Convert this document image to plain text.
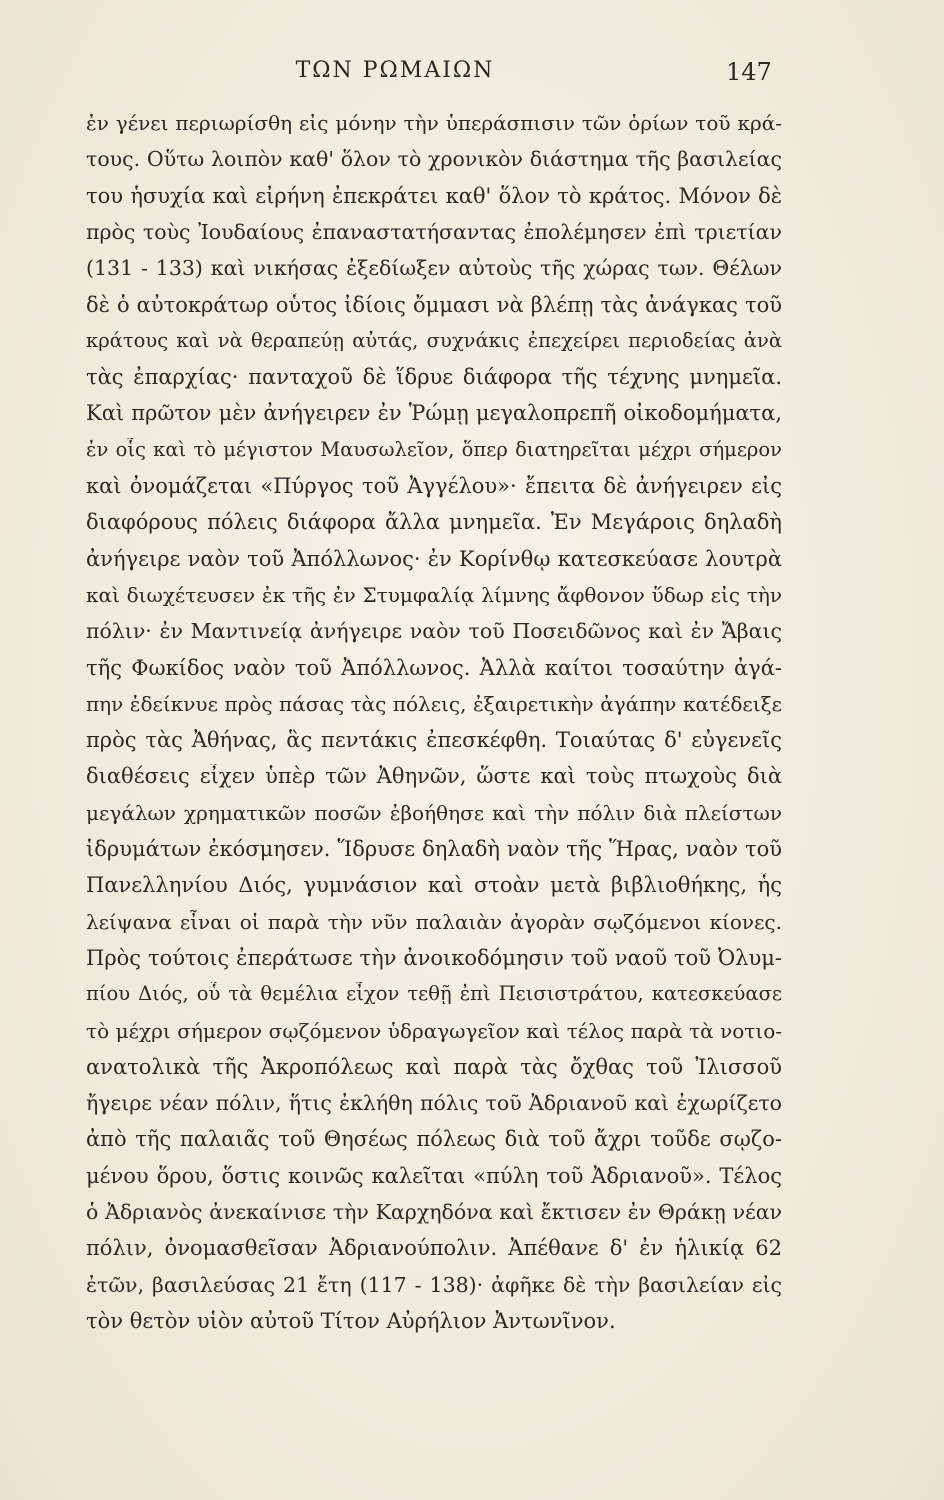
ΤΩΝ ΡΩΜΑΙΩΝ	147
ἐν γένει περιωρίσθη εἰς μόνην τὴν ὑπεράσπισιν τῶν ὁρίων τοῦ κρά-
τους. Οὕτω λοιπὸν καθ' ὅλον τὸ χρονικὸν διάστημα τῆς βασιλείας
του ἡσυχία καὶ εἰρήνη ἐπεκράτει καθ' ὅλον τὸ κράτος. Μόνον δὲ
πρὸς τοὺς Ἰουδαίους ἐπαναστατήσαντας ἐπολέμησεν ἐπὶ τριετίαν
(131 - 133) καὶ νικήσας ἐξεδίωξεν αὐτοὺς τῆς χώρας των. Θέλων
δὲ ὁ αὐτοκράτωρ οὗτος ἰδίοις ὄμμασι νὰ βλέπῃ τὰς ἀνάγκας τοῦ
κράτους καὶ νὰ θεραπεύῃ αὐτάς, συχνάκις ἐπεχείρει περιοδείας ἀνὰ
τὰς ἐπαρχίας· πανταχοῦ δὲ ἵδρυε διάφορα τῆς τέχνης μνημεῖα.
Καὶ πρῶτον μὲν ἀνήγειρεν ἐν Ῥώμῃ μεγαλοπρεπῆ οἰκοδομήματα,
ἐν οἷς καὶ τὸ μέγιστον Μαυσωλεῖον, ὅπερ διατηρεῖται μέχρι σήμερον
καὶ ὀνομάζεται «Πύργος τοῦ Ἀγγέλου»· ἔπειτα δὲ ἀνήγειρεν εἰς
διαφόρους πόλεις διάφορα ἄλλα μνημεῖα. Ἐν Μεγάροις δηλαδὴ
ἀνήγειρε ναὸν τοῦ Ἀπόλλωνος· ἐν Κορίνθῳ κατεσκεύασε λουτρὰ
καὶ διωχέτευσεν ἐκ τῆς ἐν Στυμφαλίᾳ λίμνης ἄφθονον ὕδωρ εἰς τὴν
πόλιν· ἐν Μαντινείᾳ ἀνήγειρε ναὸν τοῦ Ποσειδῶνος καὶ ἐν Ἄβαις
τῆς Φωκίδος ναὸν τοῦ Ἀπόλλωνος. Ἀλλὰ καίτοι τοσαύτην ἀγά-
πην ἐδείκνυε πρὸς πάσας τὰς πόλεις, ἐξαιρετικὴν ἀγάπην κατέδειξε
πρὸς τὰς Ἀθήνας, ἃς πεντάκις ἐπεσκέφθη. Τοιαύτας δ' εὐγενεῖς
διαθέσεις εἶχεν ὑπὲρ τῶν Ἀθηνῶν, ὥστε καὶ τοὺς πτωχοὺς διὰ
μεγάλων χρηματικῶν ποσῶν ἐβοήθησε καὶ τὴν πόλιν διὰ πλείστων
ἱδρυμάτων ἐκόσμησεν. Ἵδρυσε δηλαδὴ ναὸν τῆς Ἥρας, ναὸν τοῦ
Πανελληνίου Διός, γυμνάσιον καὶ στοὰν μετὰ βιβλιοθήκης, ἧς
λείψανα εἶναι οἱ παρὰ τὴν νῦν παλαιὰν ἀγορὰν σῳζόμενοι κίονες.
Πρὸς τούτοις ἐπεράτωσε τὴν ἀνοικοδόμησιν τοῦ ναοῦ τοῦ Ὀλυμ-
πίου Διός, οὗ τὰ θεμέλια εἶχον τεθῇ ἐπὶ Πεισιστράτου, κατεσκεύασε
τὸ μέχρι σήμερον σῳζόμενον ὑδραγωγεῖον καὶ τέλος παρὰ τὰ νοτιο-
ανατολικὰ τῆς Ἀκροπόλεως καὶ παρὰ τὰς ὄχθας τοῦ Ἰλισσοῦ
ἤγειρε νέαν πόλιν, ἥτις ἐκλήθη πόλις τοῦ Ἀδριανοῦ καὶ ἐχωρίζετο
ἀπὸ τῆς παλαιᾶς τοῦ Θησέως πόλεως διὰ τοῦ ἄχρι τοῦδε σῳζο-
μένου ὅρου, ὅστις κοινῶς καλεῖται «πύλη τοῦ Ἀδριανοῦ». Τέλος
ὁ Ἀδριανὸς ἀνεκαίνισε τὴν Καρχηδόνα καὶ ἔκτισεν ἐν Θράκῃ νέαν
πόλιν, ὀνομασθεῖσαν Ἀδριανούπολιν. Ἀπέθανε δ' ἐν ἡλικίᾳ 62
ἐτῶν, βασιλεύσας 21 ἔτη (117 - 138)· ἀφῆκε δὲ τὴν βασιλείαν εἰς
τὸν θετὸν υἱὸν αὐτοῦ Τίτον Αὐρήλιον Ἀντωνῖνον.
